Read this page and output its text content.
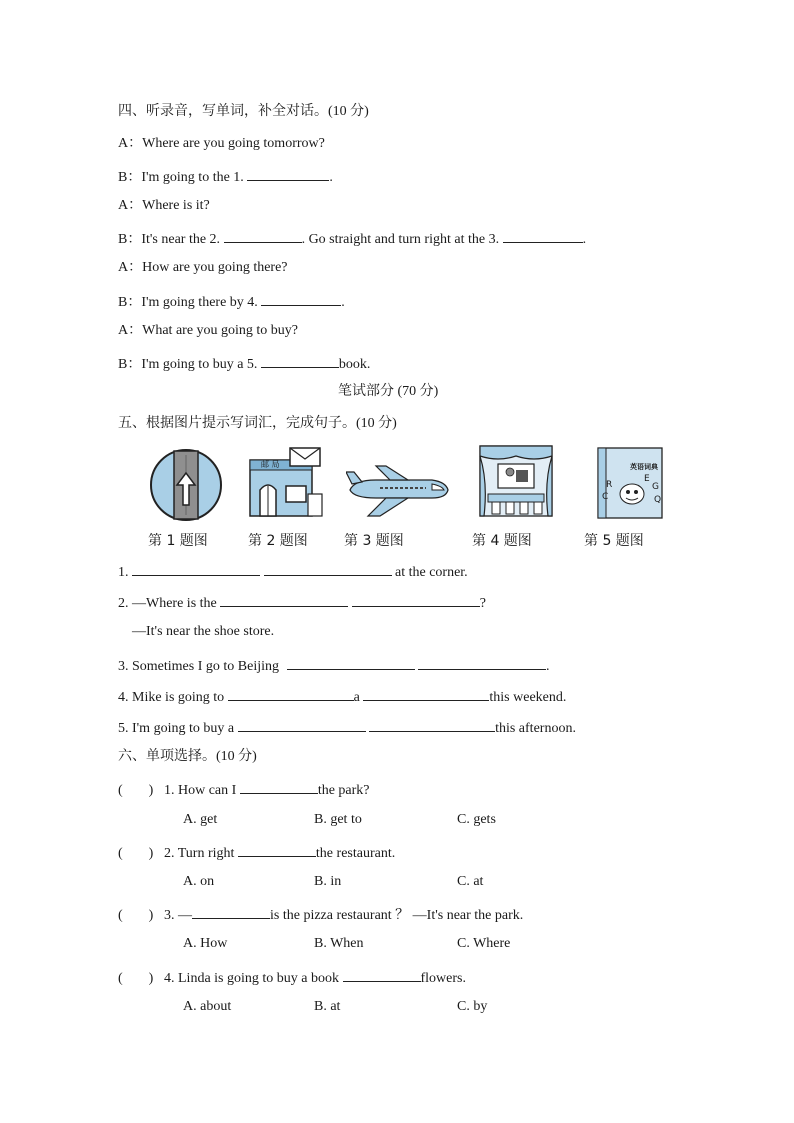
四、听录音，写单词，补全对话。(10 分)
A：Where are you going tomorrow?
B：I'm going to the 1.	.
A：Where is it?
B：It's near the 2.	. Go straight and turn right at the 3.	.
A：How are you going there?
B：I'm going there by 4.	.
A：What are you going to buy?
B：I'm going to buy a 5.	book.
笔试部分 (70 分)
五、根据图片提示写词汇，完成句子。(10 分)
邮 局	英语词典
R
C
E
G
Q
第 1 题图	第 2 题图	第 3 题图	第 4 题图	第 5 题图
1.	at the corner.
2. —Where is the	?
—It's near the shoe store.
3. Sometimes I go to Beijing	.
4. Mike is going to	a	this weekend.
5. I'm going to buy a	this afternoon.
六、单项选择。(10 分)
( ) 1. How can I	the park?
A. get	B. get to	C. gets
( ) 2. Turn right	the restaurant.
A. on	B. in	C. at
( ) 3. —	is the pizza restaurant ？ —It's near the park.
A. How	B. When	C. Where
( ) 4. Linda is going to buy a book	flowers.
A. about	B. at	C. by
